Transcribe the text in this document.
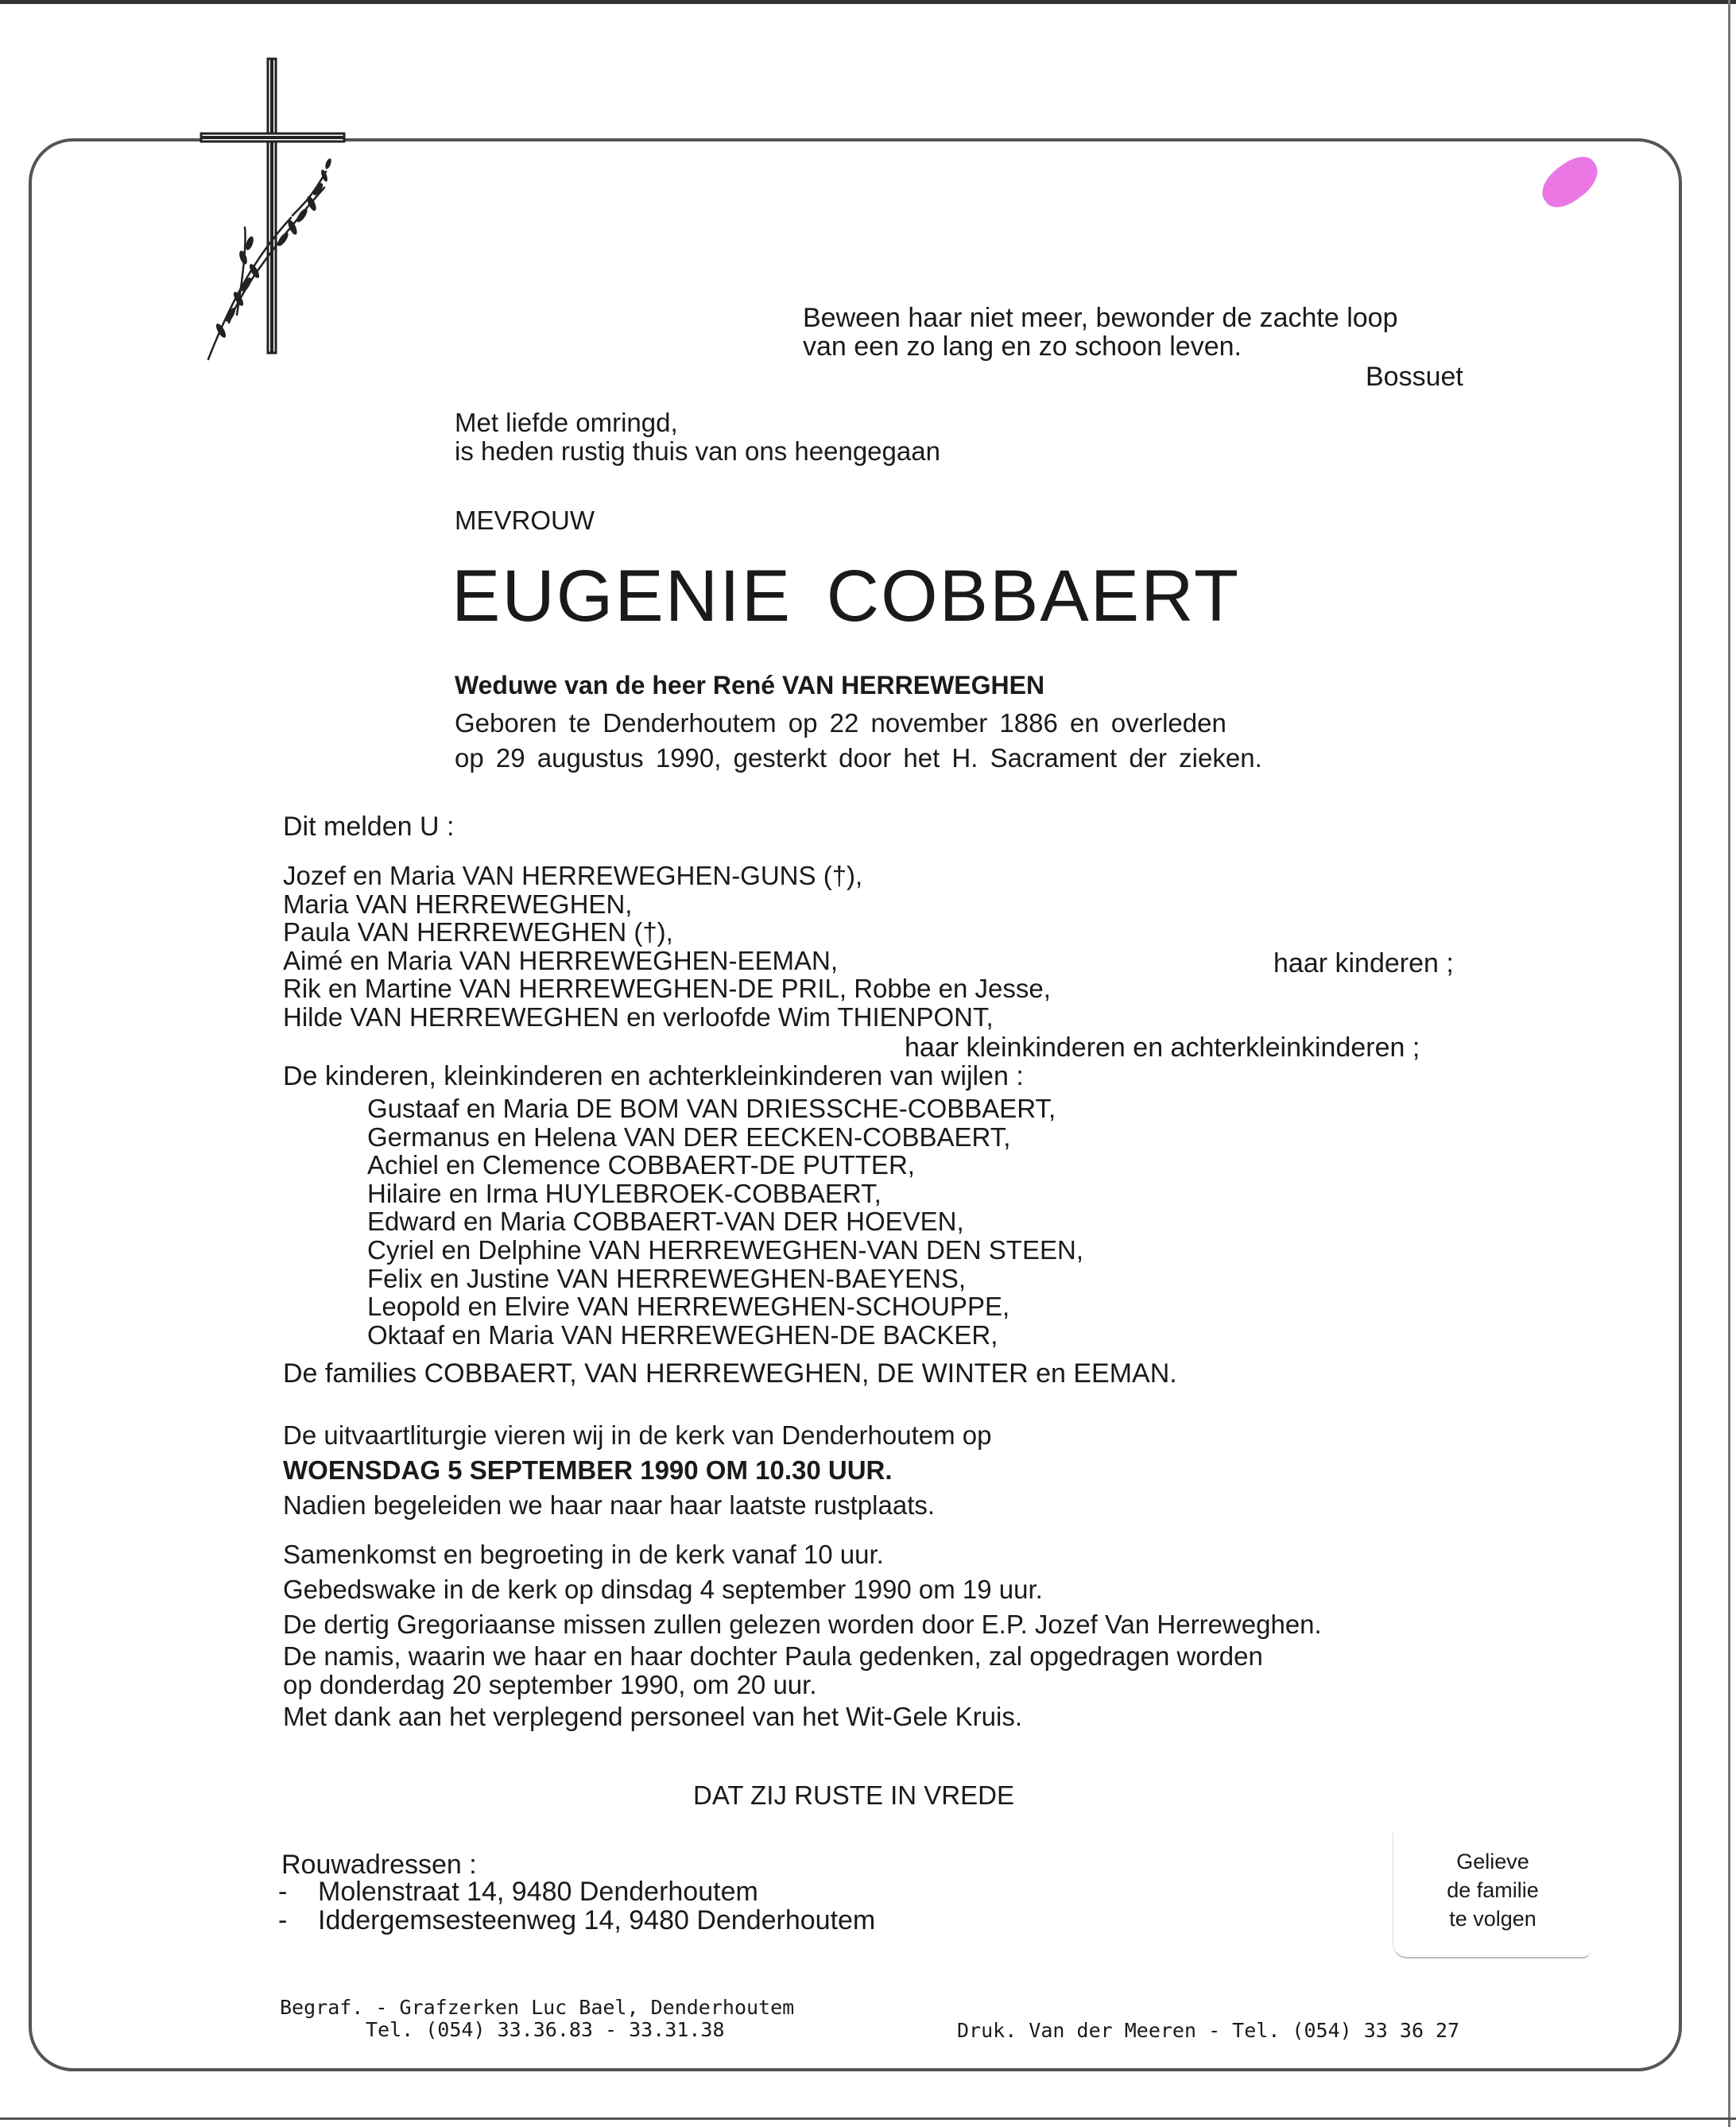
Beween haar niet meer, bewonder de zachte loop
van een zo lang en zo schoon leven.
Bossuet
Met liefde omringd,
is heden rustig thuis van ons heengegaan
MEVROUW
EUGENIE COBBAERT
Weduwe van de heer René VAN HERREWEGHEN
Geboren te Denderhoutem op 22 november 1886 en overleden
op 29 augustus 1990, gesterkt door het H. Sacrament der zieken.
Dit melden U :
Jozef en Maria VAN HERREWEGHEN-GUNS (†),
Maria VAN HERREWEGHEN,
Paula VAN HERREWEGHEN (†),
Aimé en Maria VAN HERREWEGHEN-EEMAN,
Rik en Martine VAN HERREWEGHEN-DE PRIL, Robbe en Jesse,
Hilde VAN HERREWEGHEN en verloofde Wim THIENPONT,
haar kinderen ;
haar kleinkinderen en achterkleinkinderen ;
De kinderen, kleinkinderen en achterkleinkinderen van wijlen :
Gustaaf en Maria DE BOM VAN DRIESSCHE-COBBAERT,
Germanus en Helena VAN DER EECKEN-COBBAERT,
Achiel en Clemence COBBAERT-DE PUTTER,
Hilaire en Irma HUYLEBROEK-COBBAERT,
Edward en Maria COBBAERT-VAN DER HOEVEN,
Cyriel en Delphine VAN HERREWEGHEN-VAN DEN STEEN,
Felix en Justine VAN HERREWEGHEN-BAEYENS,
Leopold en Elvire VAN HERREWEGHEN-SCHOUPPE,
Oktaaf en Maria VAN HERREWEGHEN-DE BACKER,
De families COBBAERT, VAN HERREWEGHEN, DE WINTER en EEMAN.
De uitvaartliturgie vieren wij in de kerk van Denderhoutem op
WOENSDAG 5 SEPTEMBER 1990 OM 10.30 UUR.
Nadien begeleiden we haar naar haar laatste rustplaats.
Samenkomst en begroeting in de kerk vanaf 10 uur.
Gebedswake in de kerk op dinsdag 4 september 1990 om 19 uur.
De dertig Gregoriaanse missen zullen gelezen worden door E.P. Jozef Van Herreweghen.
De namis, waarin we haar en haar dochter Paula gedenken, zal opgedragen worden
op donderdag 20 september 1990, om 20 uur.
Met dank aan het verplegend personeel van het Wit-Gele Kruis.
DAT ZIJ RUSTE IN VREDE
Rouwadressen :
- Molenstraat 14, 9480 Denderhoutem
- Iddergemsesteenweg 14, 9480 Denderhoutem
Gelieve
de familie
te volgen
Begraf. - Grafzerken Luc Bael, Denderhoutem
Tel. (054) 33.36.83 - 33.31.38	Druk. Van der Meeren - Tel. (054) 33 36 27
